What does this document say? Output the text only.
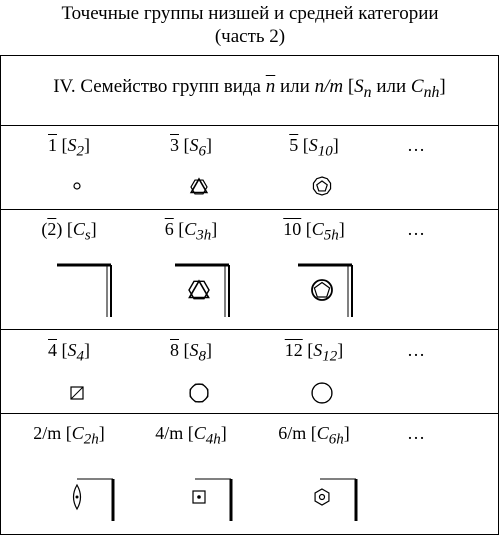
Точечные группы низшей и средней категории
(часть 2)
IV. Семейство групп вида $\overline{n}$ или n/m [$S_n$ или $C_{nh}$]
1 $[S_2]$	3 $[S_6]$	5 $[S_{10}]$	…
(2) $[C_s]$	6 $[C_{3h}]$	10 $[C_{5h}]$	…
4 $[S_4]$	8 $[S_8]$	12 $[S_{12}]$	…
2/m $[C_{2h}]$	4/m $[C_{4h}]$	6/m $[C_{6h}]$	…
